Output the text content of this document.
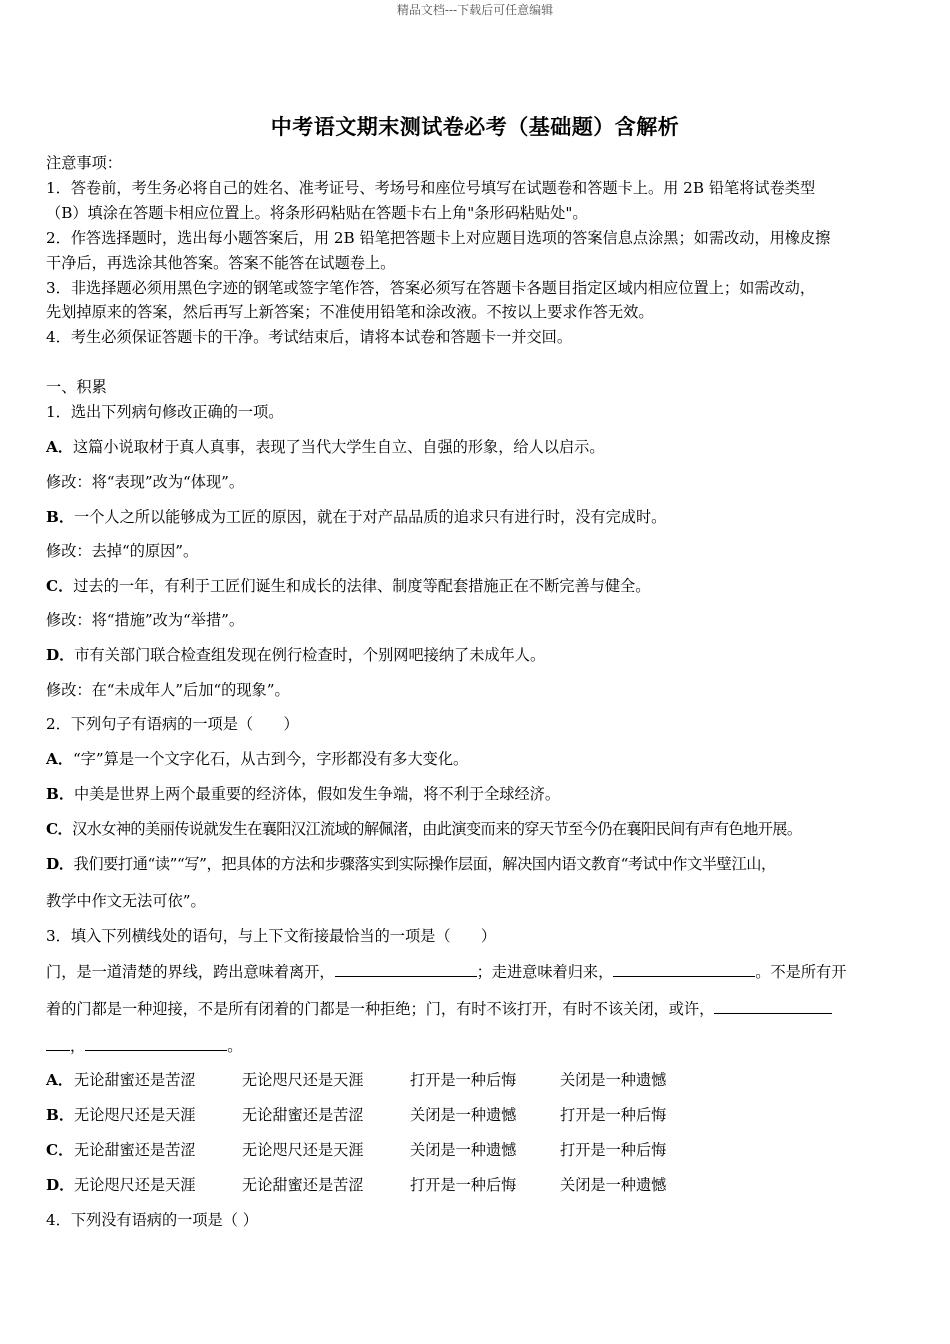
精品文档---下载后可任意编辑
中考语文期末测试卷必考（基础题）含解析
注意事项：
1．答卷前，考生务必将自己的姓名、准考证号、考场号和座位号填写在试题卷和答题卡上。用 2B 铅笔将试卷类型
（B）填涂在答题卡相应位置上。将条形码粘贴在答题卡右上角"条形码粘贴处"。
2．作答选择题时，选出每小题答案后，用 2B 铅笔把答题卡上对应题目选项的答案信息点涂黑；如需改动，用橡皮擦
干净后，再选涂其他答案。答案不能答在试题卷上。
3．非选择题必须用黑色字迹的钢笔或签字笔作答，答案必须写在答题卡各题目指定区域内相应位置上；如需改动，
先划掉原来的答案，然后再写上新答案；不准使用铅笔和涂改液。不按以上要求作答无效。
4．考生必须保证答题卡的干净。考试结束后，请将本试卷和答题卡一并交回。
一、积累
1．选出下列病句修改正确的一项。
A．这篇小说取材于真人真事，表现了当代大学生自立、自强的形象，给人以启示。
修改：将“表现”改为“体现”。
B．一个人之所以能够成为工匠的原因，就在于对产品品质的追求只有进行时，没有完成时。
修改：去掉“的原因”。
C．过去的一年，有利于工匠们诞生和成长的法律、制度等配套措施正在不断完善与健全。
修改：将“措施”改为“举措”。
D．市有关部门联合检查组发现在例行检查时，个别网吧接纳了未成年人。
修改：在“未成年人”后加“的现象”。
2．下列句子有语病的一项是（　　）
A．“字”算是一个文字化石，从古到今，字形都没有多大变化。
B．中美是世界上两个最重要的经济体，假如发生争端，将不利于全球经济。
C．汉水女神的美丽传说就发生在襄阳汉江流域的解佩渚，由此演变而来的穿天节至今仍在襄阳民间有声有色地开展。
D．我们要打通“读”“写”，把具体的方法和步骤落实到实际操作层面，解决国内语文教育“考试中作文半壁江山，
教学中作文无法可依”。
3．填入下列横线处的语句，与上下文衔接最恰当的一项是（　　）
门，是一道清楚的界线，跨出意味着离开，	；走进意味着归来，	。不是所有开
着的门都是一种迎接，不是所有闭着的门都是一种拒绝；门，有时不该打开，有时不该关闭，或许，
，	。
A．无论甜蜜还是苦涩	无论咫尺还是天涯	打开是一种后悔	关闭是一种遗憾
B．无论咫尺还是天涯	无论甜蜜还是苦涩	关闭是一种遗憾	打开是一种后悔
C．无论甜蜜还是苦涩	无论咫尺还是天涯	关闭是一种遗憾	打开是一种后悔
D．无论咫尺还是天涯	无论甜蜜还是苦涩	打开是一种后悔	关闭是一种遗憾
4．下列没有语病的一项是（ ）
